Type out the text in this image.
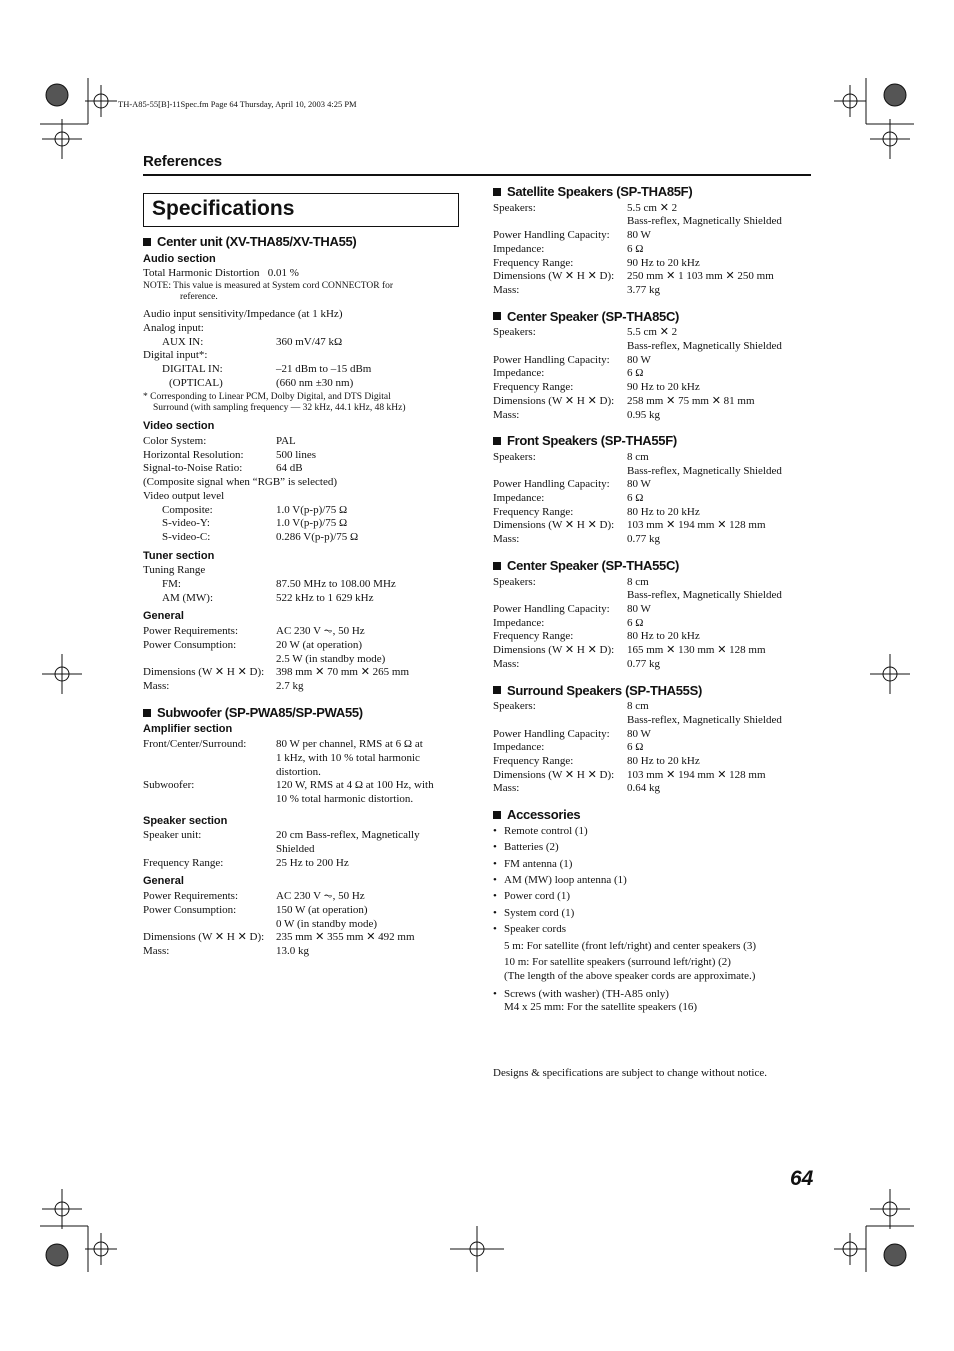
TH-A85-55[B]-11Spec.fm Page 64 Thursday, April 10, 2003 4:25 PM
References
Specifications
Center unit (XV-THA85/XV-THA55)
Audio section
Total Harmonic Distortion 0.01 %
NOTE: This value is measured at System cord CONNECTOR for
reference.
Audio input sensitivity/Impedance (at 1 kHz)
Analog input:
AUX IN:	360 mV/47 kΩ
Digital input*:
DIGITAL IN:	–21 dBm to –15 dBm
(OPTICAL)	(660 nm ±30 nm)
* Corresponding to Linear PCM, Dolby Digital, and DTS Digital
Surround (with sampling frequency — 32 kHz, 44.1 kHz, 48 kHz)
Video section
Color System:	PAL
Horizontal Resolution:	500 lines
Signal-to-Noise Ratio:	64 dB
(Composite signal when “RGB” is selected)
Video output level
Composite:	1.0 V(p-p)/75 Ω
S-video-Y:	1.0 V(p-p)/75 Ω
S-video-C:	0.286 V(p-p)/75 Ω
Tuner section
Tuning Range
FM:	87.50 MHz to 108.00 MHz
AM (MW):	522 kHz to 1 629 kHz
General
Power Requirements:	AC 230 V ⏦, 50 Hz
Power Consumption:	20 W (at operation)
2.5 W (in standby mode)
Dimensions (W ✕ H ✕ D):	398 mm ✕ 70 mm ✕ 265 mm
Mass:	2.7 kg
Subwoofer (SP-PWA85/SP-PWA55)
Amplifier section
Front/Center/Surround:	80 W per channel, RMS at 6 Ω at
1 kHz, with 10 % total harmonic
distortion.
Subwoofer:	120 W, RMS at 4 Ω at 100 Hz, with
10 % total harmonic distortion.
Speaker section
Speaker unit:	20 cm Bass-reflex, Magnetically
Shielded
Frequency Range:	25 Hz to 200 Hz
General
Power Requirements:	AC 230 V ⏦, 50 Hz
Power Consumption:	150 W (at operation)
0 W (in standby mode)
Dimensions (W ✕ H ✕ D):	235 mm ✕ 355 mm ✕ 492 mm
Mass:	13.0 kg
Satellite Speakers (SP-THA85F)
Speakers:	5.5 cm ✕ 2
Bass-reflex, Magnetically Shielded
Power Handling Capacity:	80 W
Impedance:	6 Ω
Frequency Range:	90 Hz to 20 kHz
Dimensions (W ✕ H ✕ D):	250 mm ✕ 1 103 mm ✕ 250 mm
Mass:	3.77 kg
Center Speaker (SP-THA85C)
Speakers:	5.5 cm ✕ 2
Bass-reflex, Magnetically Shielded
Power Handling Capacity:	80 W
Impedance:	6 Ω
Frequency Range:	90 Hz to 20 kHz
Dimensions (W ✕ H ✕ D):	258 mm ✕ 75 mm ✕ 81 mm
Mass:	0.95 kg
Front Speakers (SP-THA55F)
Speakers:	8 cm
Bass-reflex, Magnetically Shielded
Power Handling Capacity:	80 W
Impedance:	6 Ω
Frequency Range:	80 Hz to 20 kHz
Dimensions (W ✕ H ✕ D):	103 mm ✕ 194 mm ✕ 128 mm
Mass:	0.77 kg
Center Speaker (SP-THA55C)
Speakers:	8 cm
Bass-reflex, Magnetically Shielded
Power Handling Capacity:	80 W
Impedance:	6 Ω
Frequency Range:	80 Hz to 20 kHz
Dimensions (W ✕ H ✕ D):	165 mm ✕ 130 mm ✕ 128 mm
Mass:	0.77 kg
Surround Speakers (SP-THA55S)
Speakers:	8 cm
Bass-reflex, Magnetically Shielded
Power Handling Capacity:	80 W
Impedance:	6 Ω
Frequency Range:	80 Hz to 20 kHz
Dimensions (W ✕ H ✕ D):	103 mm ✕ 194 mm ✕ 128 mm
Mass:	0.64 kg
Accessories
• Remote control (1)
• Batteries (2)
• FM antenna (1)
• AM (MW) loop antenna (1)
• Power cord (1)
• System cord (1)
• Speaker cords
5 m: For satellite (front left/right) and center speakers (3)
10 m: For satellite speakers (surround left/right) (2)
(The length of the above speaker cords are approximate.)
• Screws (with washer) (TH-A85 only)
M4 x 25 mm: For the satellite speakers (16)
Designs & specifications are subject to change without notice.
64
